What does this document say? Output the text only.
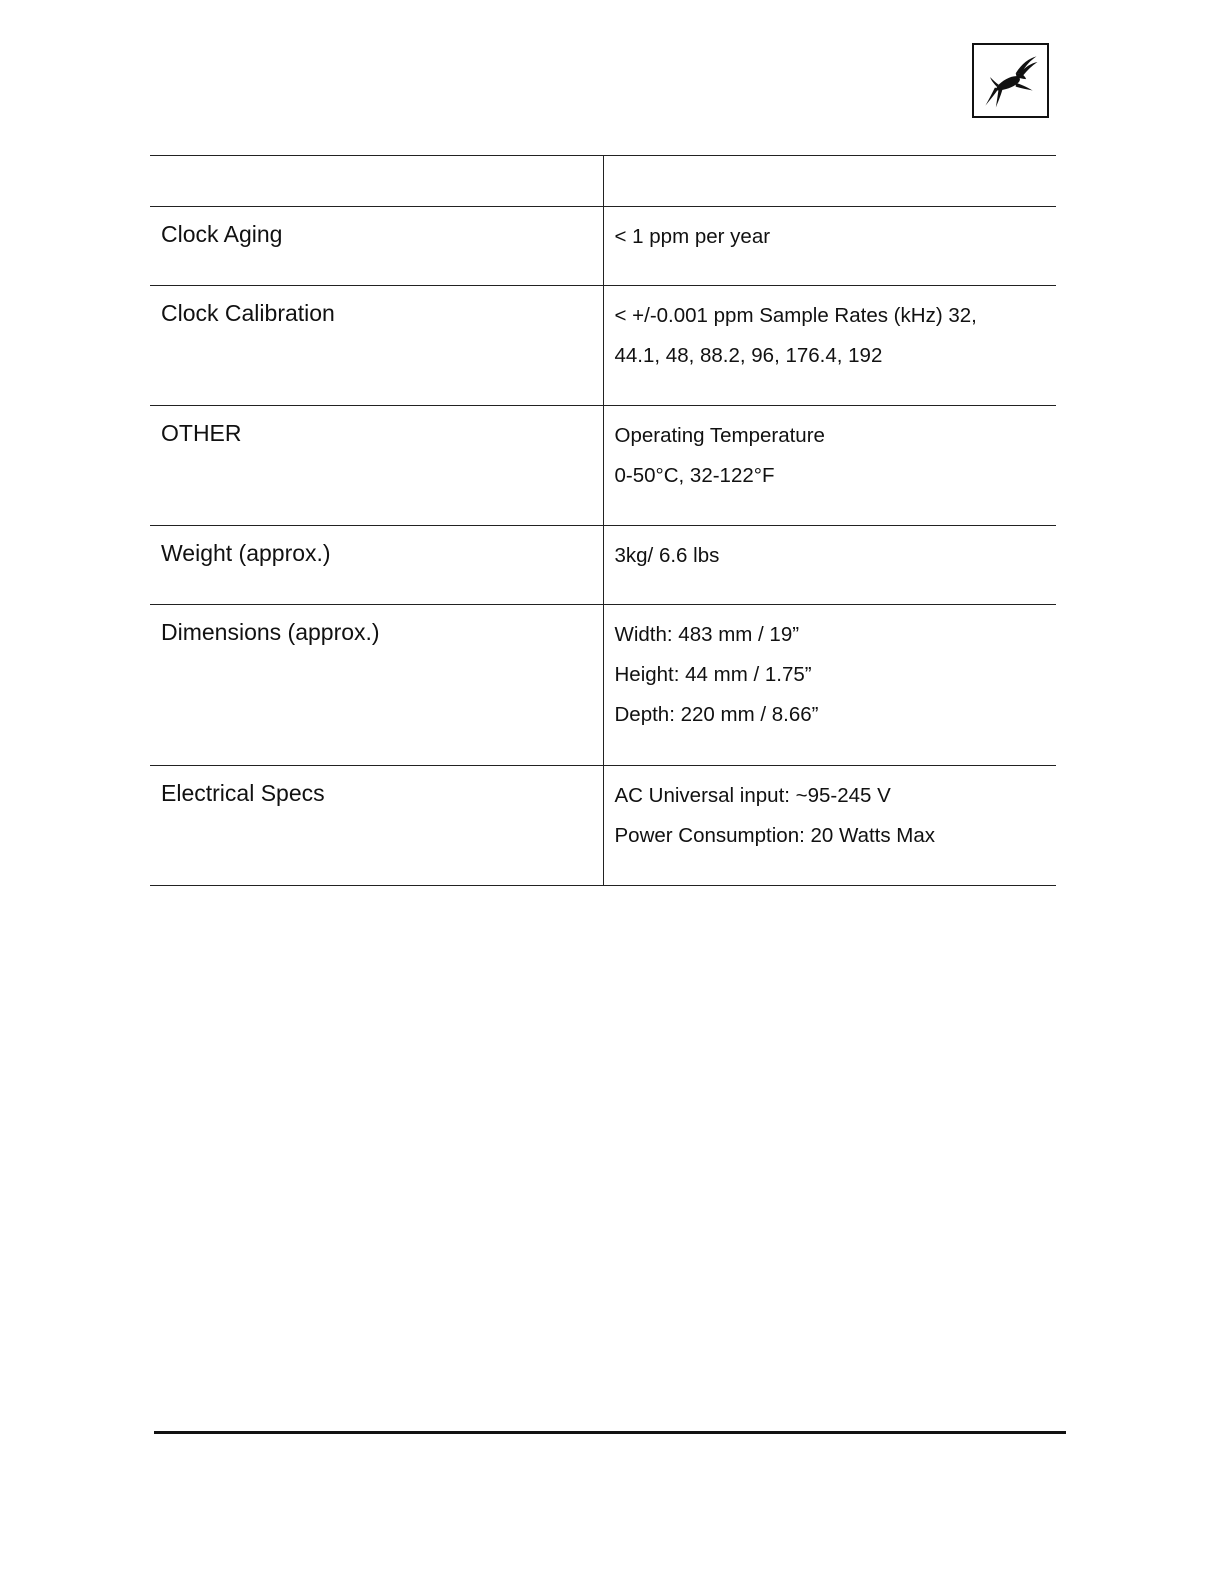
Clock Aging	< 1 ppm per year

Clock Calibration	< +/-0.001 ppm Sample Rates (kHz) 32,
44.1, 48, 88.2, 96, 176.4, 192

OTHER	Operating Temperature
0-50°C, 32-122°F

Weight (approx.)	3kg/ 6.6 lbs

Dimensions (approx.)	Width: 483 mm / 19”
Height: 44 mm / 1.75”
Depth: 220 mm / 8.66”

Electrical Specs	AC Universal input: ~95-245 V
Power Consumption: 20 Watts Max
